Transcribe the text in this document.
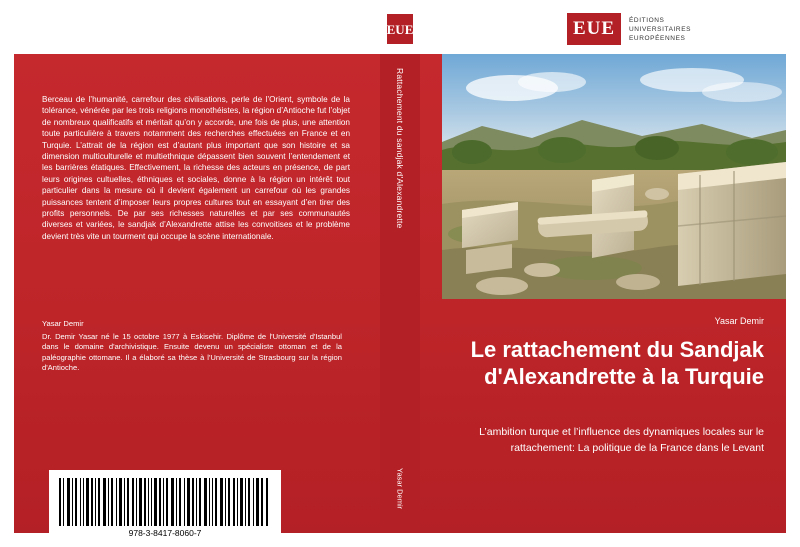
EUE	EUE	ÉDITIONS
UNIVERSITAIRES
EUROPÉENNES
Berceau de l’humanité, carrefour des civilisations, perle de l’Orient, symbole de la tolérance, vénérée par les trois religions monothéistes, la région d’Antioche fut l’objet de nombreux qualificatifs et méritait qu’on y accorde, une fois de plus, une attention toute particulière à travers notamment des recherches effectuées en France et en Turquie. L’attrait de la région est d’autant plus important que son histoire et sa dimension multiculturelle et multiethnique dépassent bien souvent l’entendement et les barrières étatiques. Effectivement, la richesse des acteurs en présence, de part leurs origines cultuelles, éthniques et sociales, donne à la région un intérêt tout particulier dans la mesure où il devient également un carrefour où les grandes puissances tentent d’imposer leurs propres cultures tout en essayant d’en tirer des profits personnels. De par ses richesses naturelles et par ses communautés diverses et variées, le sandjak d’Alexandrette attise les convoitises et le problème devient très vite un tourment qui occupe la scène internationale.
Yasar Demir
Dr. Demir Yasar né le 15 octobre 1977 à Eskisehir. Diplôme de l'Université d'Istanbul dans le domaine d'archivistique. Ensuite devenu un spécialiste ottoman et de la paléographie ottomane. Il a élaboré sa thèse à l'Université de Strasbourg sur la région d'Antioche.
978-3-8417-8060-7
Rattachement du sandjak d'Alexandrette
Yasar Demir
Yasar Demir
Le rattachement du Sandjak d'Alexandrette à la Turquie
L’ambition turque et l’influence des dynamiques locales sur le rattachement: La politique de la France dans le Levant
